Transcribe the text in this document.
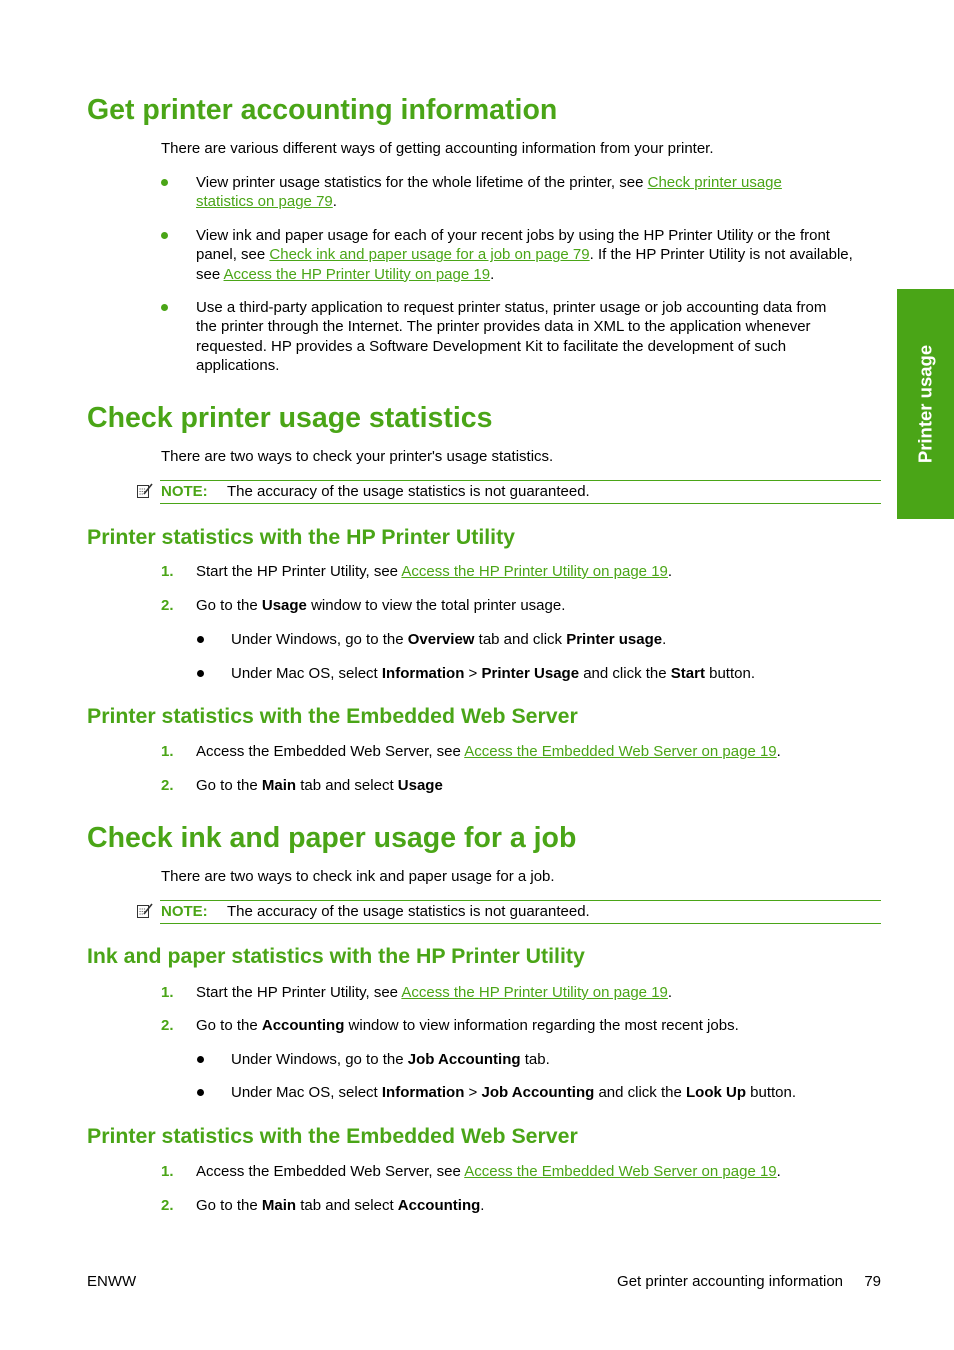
Printer usage
Get printer accounting information
There are various different ways of getting accounting information from your printer.
View printer usage statistics for the whole lifetime of the printer, see Check printer usage
statistics on page 79.
View ink and paper usage for each of your recent jobs by using the HP Printer Utility or the front
panel, see Check ink and paper usage for a job on page 79. If the HP Printer Utility is not available,
see Access the HP Printer Utility on page 19.
Use a third-party application to request printer status, printer usage or job accounting data from
the printer through the Internet. The printer provides data in XML to the application whenever
requested. HP provides a Software Development Kit to facilitate the development of such
applications.
Check printer usage statistics
There are two ways to check your printer's usage statistics.
NOTE: The accuracy of the usage statistics is not guaranteed.
Printer statistics with the HP Printer Utility
1. Start the HP Printer Utility, see Access the HP Printer Utility on page 19.
2. Go to the Usage window to view the total printer usage.
Under Windows, go to the Overview tab and click Printer usage.
Under Mac OS, select Information > Printer Usage and click the Start button.
Printer statistics with the Embedded Web Server
1. Access the Embedded Web Server, see Access the Embedded Web Server on page 19.
2. Go to the Main tab and select Usage
Check ink and paper usage for a job
There are two ways to check ink and paper usage for a job.
NOTE: The accuracy of the usage statistics is not guaranteed.
Ink and paper statistics with the HP Printer Utility
1. Start the HP Printer Utility, see Access the HP Printer Utility on page 19.
2. Go to the Accounting window to view information regarding the most recent jobs.
Under Windows, go to the Job Accounting tab.
Under Mac OS, select Information > Job Accounting and click the Look Up button.
Printer statistics with the Embedded Web Server
1. Access the Embedded Web Server, see Access the Embedded Web Server on page 19.
2. Go to the Main tab and select Accounting.
ENWW	Get printer accounting information 79
